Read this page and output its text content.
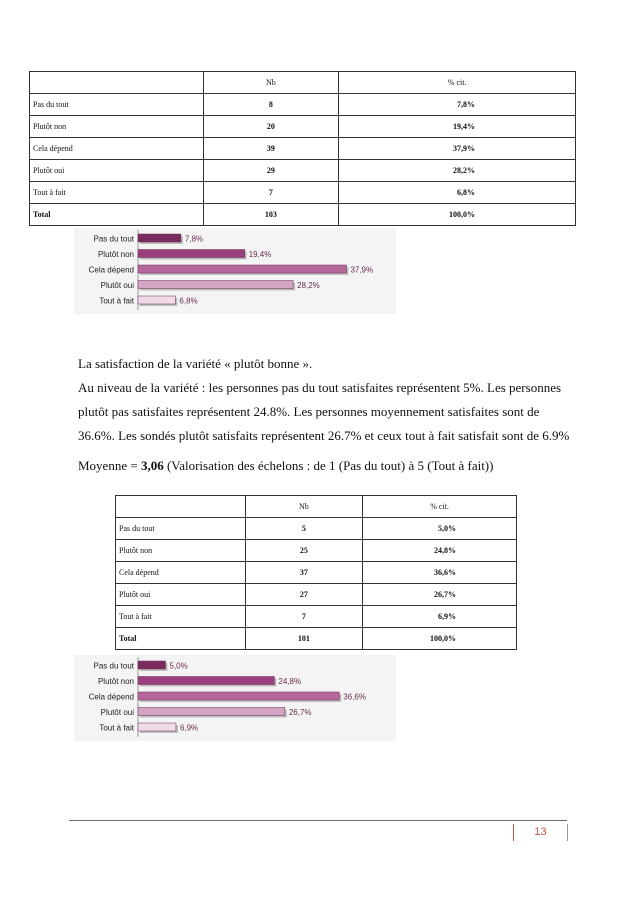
	Nb	% cit.
Pas du tout	8	7,8%
Plutôt non	20	19,4%
Cela dépend	39	37,9%
Plutôt oui	29	28,2%
Tout à fait	7	6,8%
Total	103	100,0%
Pas du tout	7,8%
Plutôt non	19,4%
Cela dépend	37,9%
Plutôt oui	28,2%
Tout à fait	6,8%
La satisfaction de la variété « plutôt bonne ».
Au niveau de la variété : les personnes pas du tout satisfaites représentent 5%. Les personnes
plutôt pas satisfaites représentent 24.8%. Les personnes moyennement satisfaites sont de
36.6%. Les sondés plutôt satisfaits représentent 26.7% et ceux tout à fait satisfait sont de 6.9%
Moyenne = 3,06 (Valorisation des échelons : de 1 (Pas du tout) à 5 (Tout à fait))
	Nb	% cit.
Pas du tout	5	5,0%
Plutôt non	25	24,8%
Cela dépend	37	36,6%
Plutôt oui	27	26,7%
Tout à fait	7	6,9%
Total	101	100,0%
Pas du tout	5,0%
Plutôt non	24,8%
Cela dépend	36,6%
Plutôt oui	26,7%
Tout à fait	6,9%
13
